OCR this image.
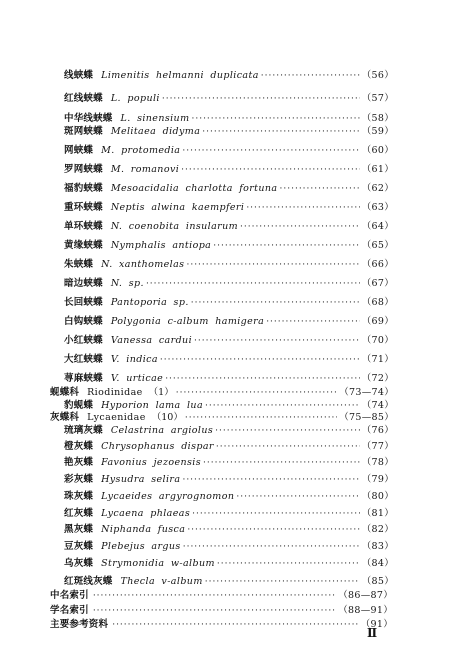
线蛱蝶 Limenitis helmanni duplicata ·····	（56）
红线蛱蝶 L. populi ·····	（57）
中华线蛱蝶 L. sinensium ·····	（58）
斑网蛱蝶 Melitaea didyma ·····	（59）
网蛱蝶 M. protomedia ·····	（60）
罗网蛱蝶 M. romanovi ·····	（61）
福豹蛱蝶 Mesoacidalia charlotta fortuna ·····	（62）
重环蛱蝶 Neptis alwina kaempferi ·····	（63）
单环蛱蝶 N. coenobita insularum ·····	（64）
黄缘蛱蝶 Nymphalis antiopa ·····	（65）
朱蛱蝶 N. xanthomelas ·····	（66）
暗边蛱蝶 N. sp. ·····	（67）
长回蛱蝶 Pantoporia sp. ·····	（68）
白钩蛱蝶 Polygonia c-album hamigera ·····	（69）
小红蛱蝶 Vanessa cardui ·····	（70）
大红蛱蝶 V. indica ·····	（71）
荨麻蛱蝶 V. urticae ·····	（72）
蚬蝶科 Riodinidae （1） ·····	（73—74）
豹蚬蝶 Hyporion lama lua ·····	（74）
灰蝶科 Lycaenidae （10） ·····	（75—85）
琉璃灰蝶 Celastrina argiolus ·····	（76）
橙灰蝶 Chrysophanus dispar ·····	（77）
艳灰蝶 Favonius jezoensis ·····	（78）
彩灰蝶 Hysudra selira ·····	（79）
珠灰蝶 Lycaeides argyrognomon ·····	（80）
红灰蝶 Lycaena phlaeas ·····	（81）
黑灰蝶 Niphanda fusca ·····	（82）
豆灰蝶 Plebejus argus ·····	（83）
乌灰蝶 Strymonidia w-album ·····	（84）
红斑线灰蝶 Thecla v-album ·····	（85）
中名索引 ·····	（86—87）
学名索引 ·····	（88—91）
主要参考资料 ·····	（91）
Ⅱ
